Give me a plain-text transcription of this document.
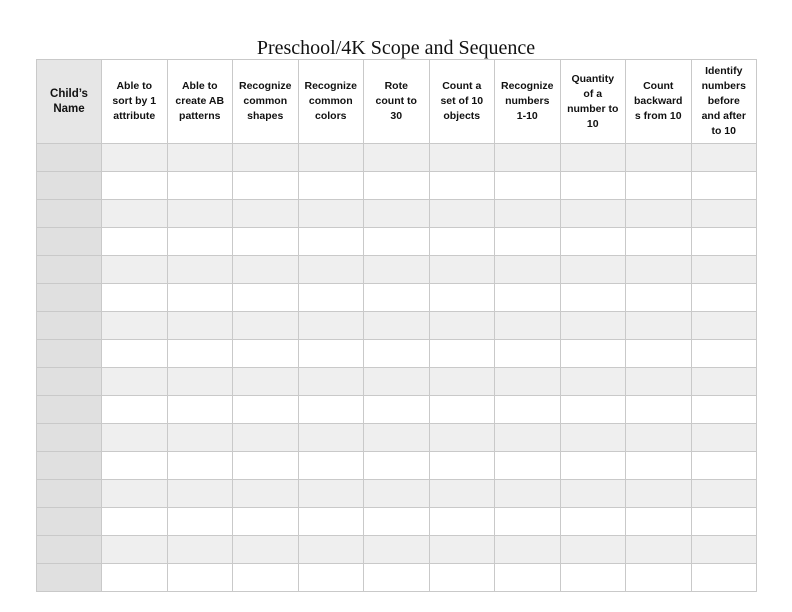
Preschool/4K Scope and Sequence
Child’s
Name	Able to
sort by 1
attribute	Able to
create AB
patterns	Recognize
common
shapes	Recognize
common
colors	Rote
count to
30	Count a
set of 10
objects	Recognize
numbers
1-10	Quantity
of a
number to
10	Count
backward
s from 10	Identify
numbers
before
and after
to 10
